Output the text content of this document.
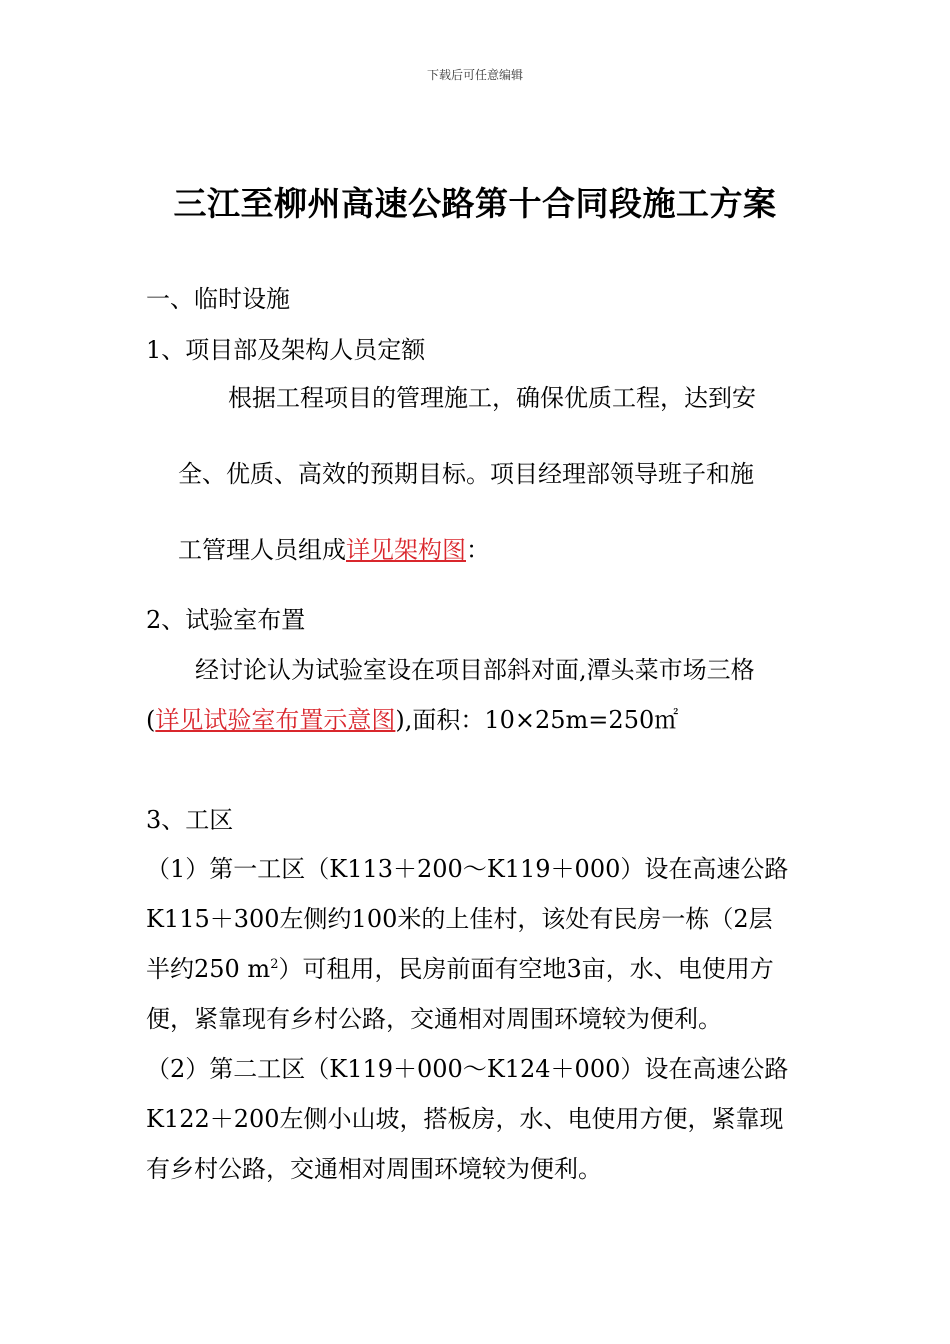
下载后可任意编辑
三江至柳州高速公路第十合同段施工方案

一、临时设施

1、项目部及架构人员定额

根据工程项目的管理施工，确保优质工程，达到安

全、优质、高效的预期目标。项目经理部领导班子和施

工管理人员组成详见架构图：

2、试验室布置

经讨论认为试验室设在项目部斜对面,潭头菜市场三格

(详见试验室布置示意图),面积：10×25m=250㎡

3、工区

（1）第一工区（K113＋200～K119＋000）设在高速公路

K115＋300左侧约100米的上佳村，该处有民房一栋（2层

半约250 $m^2$）可租用，民房前面有空地3亩，水、电使用方

便，紧靠现有乡村公路，交通相对周围环境较为便利。

（2）第二工区（K119＋000～K124＋000）设在高速公路

K122＋200左侧小山坡，搭板房，水、电使用方便，紧靠现

有乡村公路，交通相对周围环境较为便利。
